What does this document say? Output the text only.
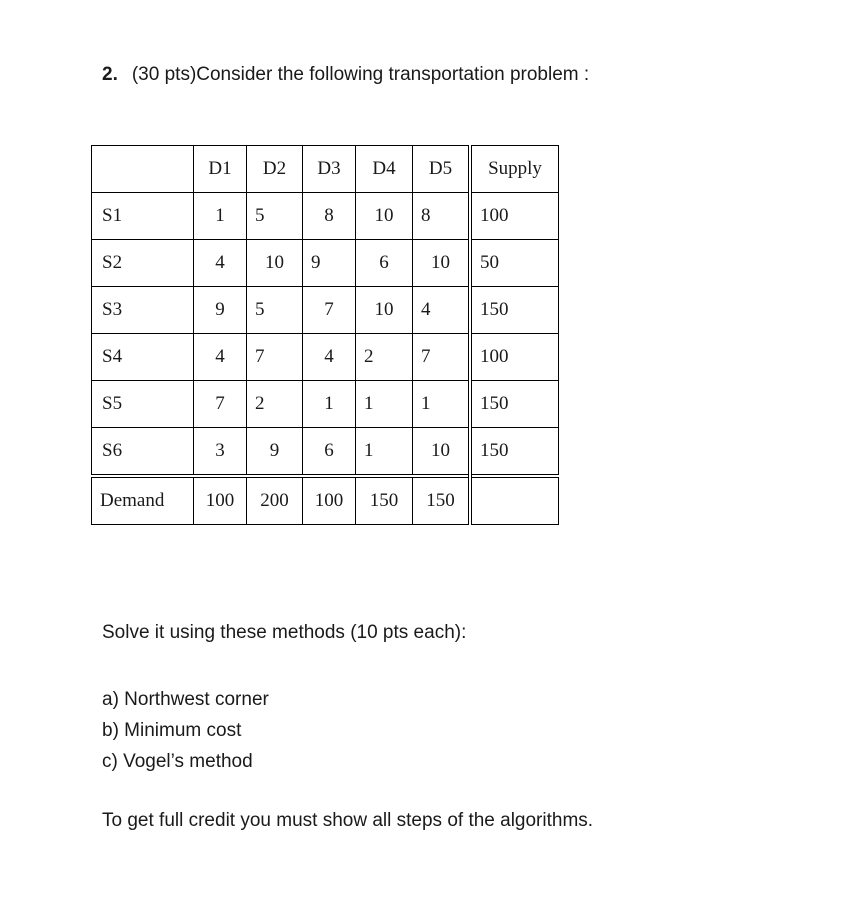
2. (30 pts)Consider the following transportation problem :
	D1	D2	D3	D4	D5	Supply
S1	1	5	8	10	8	100
S2	4	10	9	6	10	50
S3	9	5	7	10	4	150
S4	4	7	4	2	7	100
S5	7	2	1	1	1	150
S6	3	9	6	1	10	150
Demand	100	200	100	150	150	
Solve it using these methods (10 pts each):
a) Northwest corner
b) Minimum cost
c) Vogel’s method
To get full credit you must show all steps of the algorithms.
